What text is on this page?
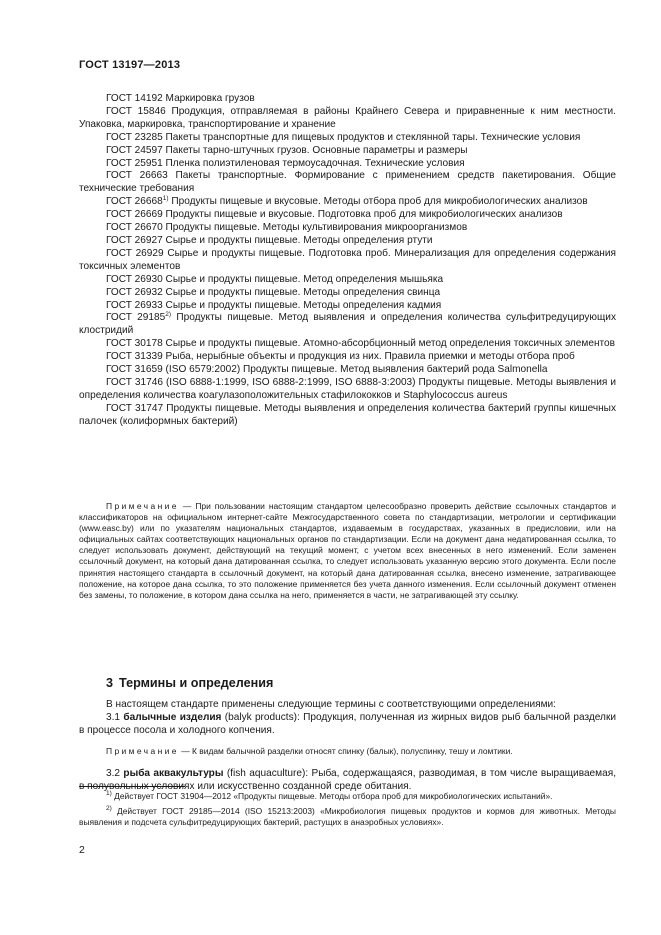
ГОСТ 13197—2013

ГОСТ 14192 Маркировка грузов

ГОСТ 15846 Продукция, отправляемая в районы Крайнего Севера и приравненные к ним местности. Упаковка, маркировка, транспортирование и хранение

ГОСТ 23285 Пакеты транспортные для пищевых продуктов и стеклянной тары. Технические условия

ГОСТ 24597 Пакеты тарно-штучных грузов. Основные параметры и размеры

ГОСТ 25951 Пленка полиэтиленовая термоусадочная. Технические условия

ГОСТ 26663 Пакеты транспортные. Формирование с применением средств пакетирования. Общие технические требования

ГОСТ 26668$^{1)}$ Продукты пищевые и вкусовые. Методы отбора проб для микробиологических анализов

ГОСТ 26669 Продукты пищевые и вкусовые. Подготовка проб для микробиологических анализов

ГОСТ 26670 Продукты пищевые. Методы культивирования микроорганизмов

ГОСТ 26927 Сырье и продукты пищевые. Методы определения ртути

ГОСТ 26929 Сырье и продукты пищевые. Подготовка проб. Минерализация для определения содержания токсичных элементов

ГОСТ 26930 Сырье и продукты пищевые. Метод определения мышьяка

ГОСТ 26932 Сырье и продукты пищевые. Методы определения свинца

ГОСТ 26933 Сырье и продукты пищевые. Методы определения кадмия

ГОСТ 29185$^{2)}$ Продукты пищевые. Метод выявления и определения количества сульфитредуцирующих клостридий

ГОСТ 30178 Сырье и продукты пищевые. Атомно-абсорбционный метод определения токсичных элементов

ГОСТ 31339 Рыба, нерыбные объекты и продукция из них. Правила приемки и методы отбора проб

ГОСТ 31659 (ISO 6579:2002) Продукты пищевые. Метод выявления бактерий рода Salmonella

ГОСТ 31746 (ISO 6888-1:1999, ISO 6888-2:1999, ISO 6888-3:2003) Продукты пищевые. Методы выявления и определения количества коагулазоположительных стафилококков и Staphylococcus aureus

ГОСТ 31747 Продукты пищевые. Методы выявления и определения количества бактерий группы кишечных палочек (колиформных бактерий)

Примечание — При пользовании настоящим стандартом целесообразно проверить действие ссылочных стандартов и классификаторов на официальном интернет-сайте Межгосударственного совета по стандартизации, метрологии и сертификации (www.easc.by) или по указателям национальных стандартов, издаваемым в государствах, указанных в предисловии, или на официальных сайтах соответствующих национальных органов по стандартизации. Если на документ дана недатированная ссылка, то следует использовать документ, действующий на текущий момент, с учетом всех внесенных в него изменений. Если заменен ссылочный документ, на который дана датированная ссылка, то следует использовать указанную версию этого документа. Если после принятия настоящего стандарта в ссылочный документ, на который дана датированная ссылка, внесено изменение, затрагивающее положение, на которое дана ссылка, то это положение применяется без учета данного изменения. Если ссылочный документ отменен без замены, то положение, в котором дана ссылка на него, применяется в части, не затрагивающей эту ссылку.

3 Термины и определения

В настоящем стандарте применены следующие термины с соответствующими определениями:

3.1 балычные изделия (balyk products): Продукция, полученная из жирных видов рыб балычной разделки в процессе посола и холодного копчения.

Примечание — К видам балычной разделки относят спинку (балык), полуспинку, тешу и ломтики.

3.2 рыба аквакультуры (fish aquaculture): Рыба, содержащаяся, разводимая, в том числе выращиваемая, в полувольных условиях или искусственно созданной среде обитания.

$^{1)}$ Действует ГОСТ 31904—2012 «Продукты пищевые. Методы отбора проб для микробиологических испытаний».

$^{2)}$ Действует ГОСТ 29185—2014 (ISO 15213:2003) «Микробиология пищевых продуктов и кормов для животных. Методы выявления и подсчета сульфитредуцирующих бактерий, растущих в анаэробных условиях».

2
